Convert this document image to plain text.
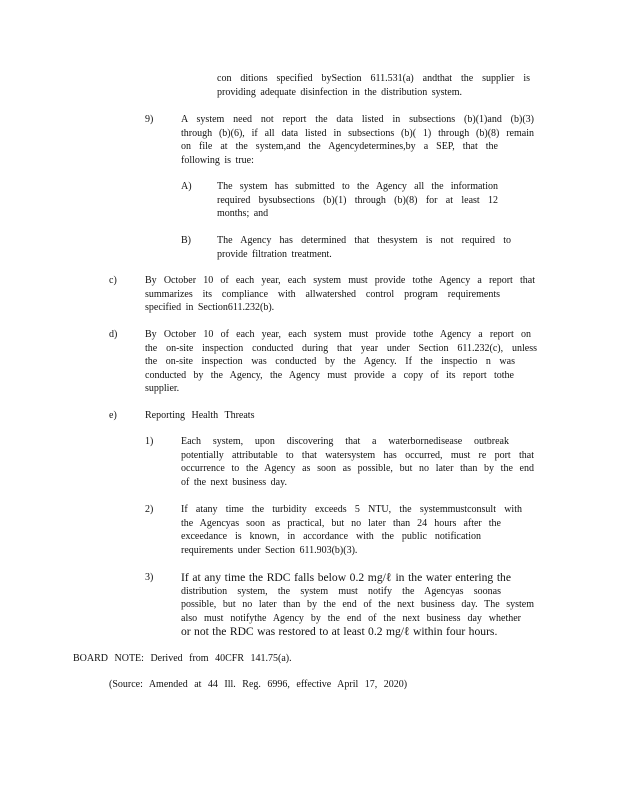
con ditions specified bySection 611.531(a) andthat the supplier is
providing adequate disinfection in the distribution system.
9)	A system need not report the data listed in subsections (b)(1)and (b)(3)
through (b)(6), if all data listed in subsections (b)( 1) through (b)(8) remain
on file at the system,and the Agencydetermines,by a SEP, that the
following is true:
A)	The system has submitted to the Agency all the information
required bysubsections (b)(1) through (b)(8) for at least 12
months; and
B)	The Agency has determined that thesystem is not required to
provide filtration treatment.
c)	By October 10 of each year, each system must provide tothe Agency a report that
summarizes its compliance with allwatershed control program requirements
specified in Section611.232(b).
d)	By October 10 of each year, each system must provide tothe Agency a report on
the on-site inspection conducted during that year under Section 611.232(c), unless
the on-site inspection was conducted by the Agency. If the inspectio n was
conducted by the Agency, the Agency must provide a copy of its report tothe
supplier.
e)	Reporting Health Threats
1)	Each system, upon discovering that a waterbornedisease outbreak
potentially attributable to that watersystem has occurred, must re port that
occurrence to the Agency as soon as possible, but no later than by the end
of the next business day.
2)	If atany time the turbidity exceeds 5 NTU, the systemmustconsult with
the Agencyas soon as practical, but no later than 24 hours after the
exceedance is known, in accordance with the public notification
requirements under Section 611.903(b)(3).
3) If at any time the RDC falls below 0.2 mg/ℓ in the water entering the
distribution system, the system must notify the Agencyas soonas
possible, but no later than by the end of the next business day. The system
also must notifythe Agency by the end of the next business day whether
or not the RDC was restored to at least 0.2 mg/ℓ within four hours.
BOARD NOTE: Derived from 40CFR 141.75(a).
(Source: Amended at 44 Ill. Reg. 6996, effective April 17, 2020)
